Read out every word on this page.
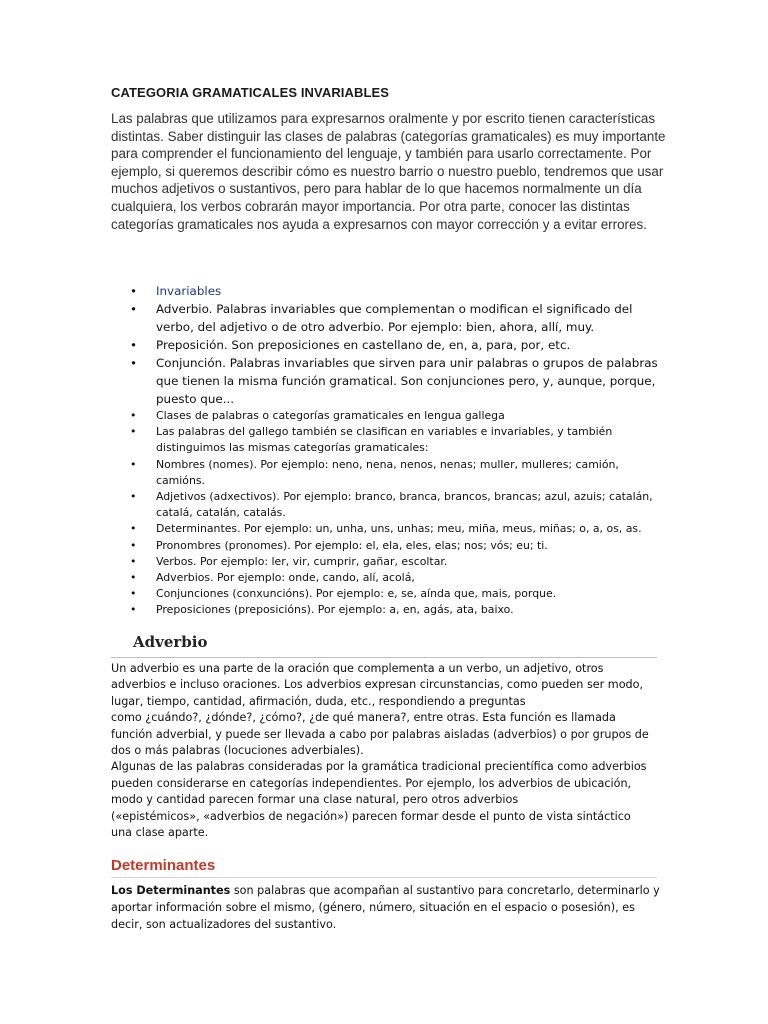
CATEGORIA GRAMATICALES INVARIABLES

Las palabras que utilizamos para expresarnos oralmente y por escrito tienen características distintas. Saber distinguir las clases de palabras (categorías gramaticales) es muy importante para comprender el funcionamiento del lenguaje, y también para usarlo correctamente. Por ejemplo, si queremos describir cómo es nuestro barrio o nuestro pueblo, tendremos que usar muchos adjetivos o sustantivos, pero para hablar de lo que hacemos normalmente un día cualquiera, los verbos cobrarán mayor importancia. Por otra parte, conocer las distintas categorías gramaticales nos ayuda a expresarnos con mayor corrección y a evitar errores.

• Invariables
• Adverbio. Palabras invariables que complementan o modifican el significado del verbo, del adjetivo o de otro adverbio. Por ejemplo: bien, ahora, allí, muy.
• Preposición. Son preposiciones en castellano de, en, a, para, por, etc.
• Conjunción. Palabras invariables que sirven para unir palabras o grupos de palabras que tienen la misma función gramatical. Son conjunciones pero, y, aunque, porque, puesto que...
• Clases de palabras o categorías gramaticales en lengua gallega
• Las palabras del gallego también se clasifican en variables e invariables, y también distinguimos las mismas categorías gramaticales:
• Nombres (nomes). Por ejemplo: neno, nena, nenos, nenas; muller, mulleres; camión, camións.
• Adjetivos (adxectivos). Por ejemplo: branco, branca, brancos, brancas; azul, azuis; catalán, catalá, catalán, catalás.
• Determinantes. Por ejemplo: un, unha, uns, unhas; meu, miña, meus, miñas; o, a, os, as.
• Pronombres (pronomes). Por ejemplo: el, ela, eles, elas; nos; vós; eu; ti.
• Verbos. Por ejemplo: ler, vir, cumprir, gañar, escoltar.
• Adverbios. Por ejemplo: onde, cando, alí, acolá,
• Conjunciones (conxuncións). Por ejemplo: e, se, aínda que, mais, porque.
• Preposiciones (preposicións). Por ejemplo: a, en, agás, ata, baixo.
Adverbio

Un adverbio es una parte de la oración que complementa a un verbo, un adjetivo, otros
adverbios e incluso oraciones. Los adverbios expresan circunstancias, como pueden ser modo,
lugar, tiempo, cantidad, afirmación, duda, etc., respondiendo a preguntas
como ¿cuándo?, ¿dónde?, ¿cómo?, ¿de qué manera?, entre otras. Esta función es llamada
función adverbial, y puede ser llevada a cabo por palabras aisladas (adverbios) o por grupos de
dos o más palabras (locuciones adverbiales).
Algunas de las palabras consideradas por la gramática tradicional precientífica como adverbios
pueden considerarse en categorías independientes. Por ejemplo, los adverbios de ubicación,
modo y cantidad parecen formar una clase natural, pero otros adverbios
(«epistémicos», «adverbios de negación») parecen formar desde el punto de vista sintáctico
una clase aparte.

Determinantes

Los Determinantes son palabras que acompañan al sustantivo para concretarlo, determinarlo y aportar información sobre el mismo, (género, número, situación en el espacio o posesión), es decir, son actualizadores del sustantivo.
